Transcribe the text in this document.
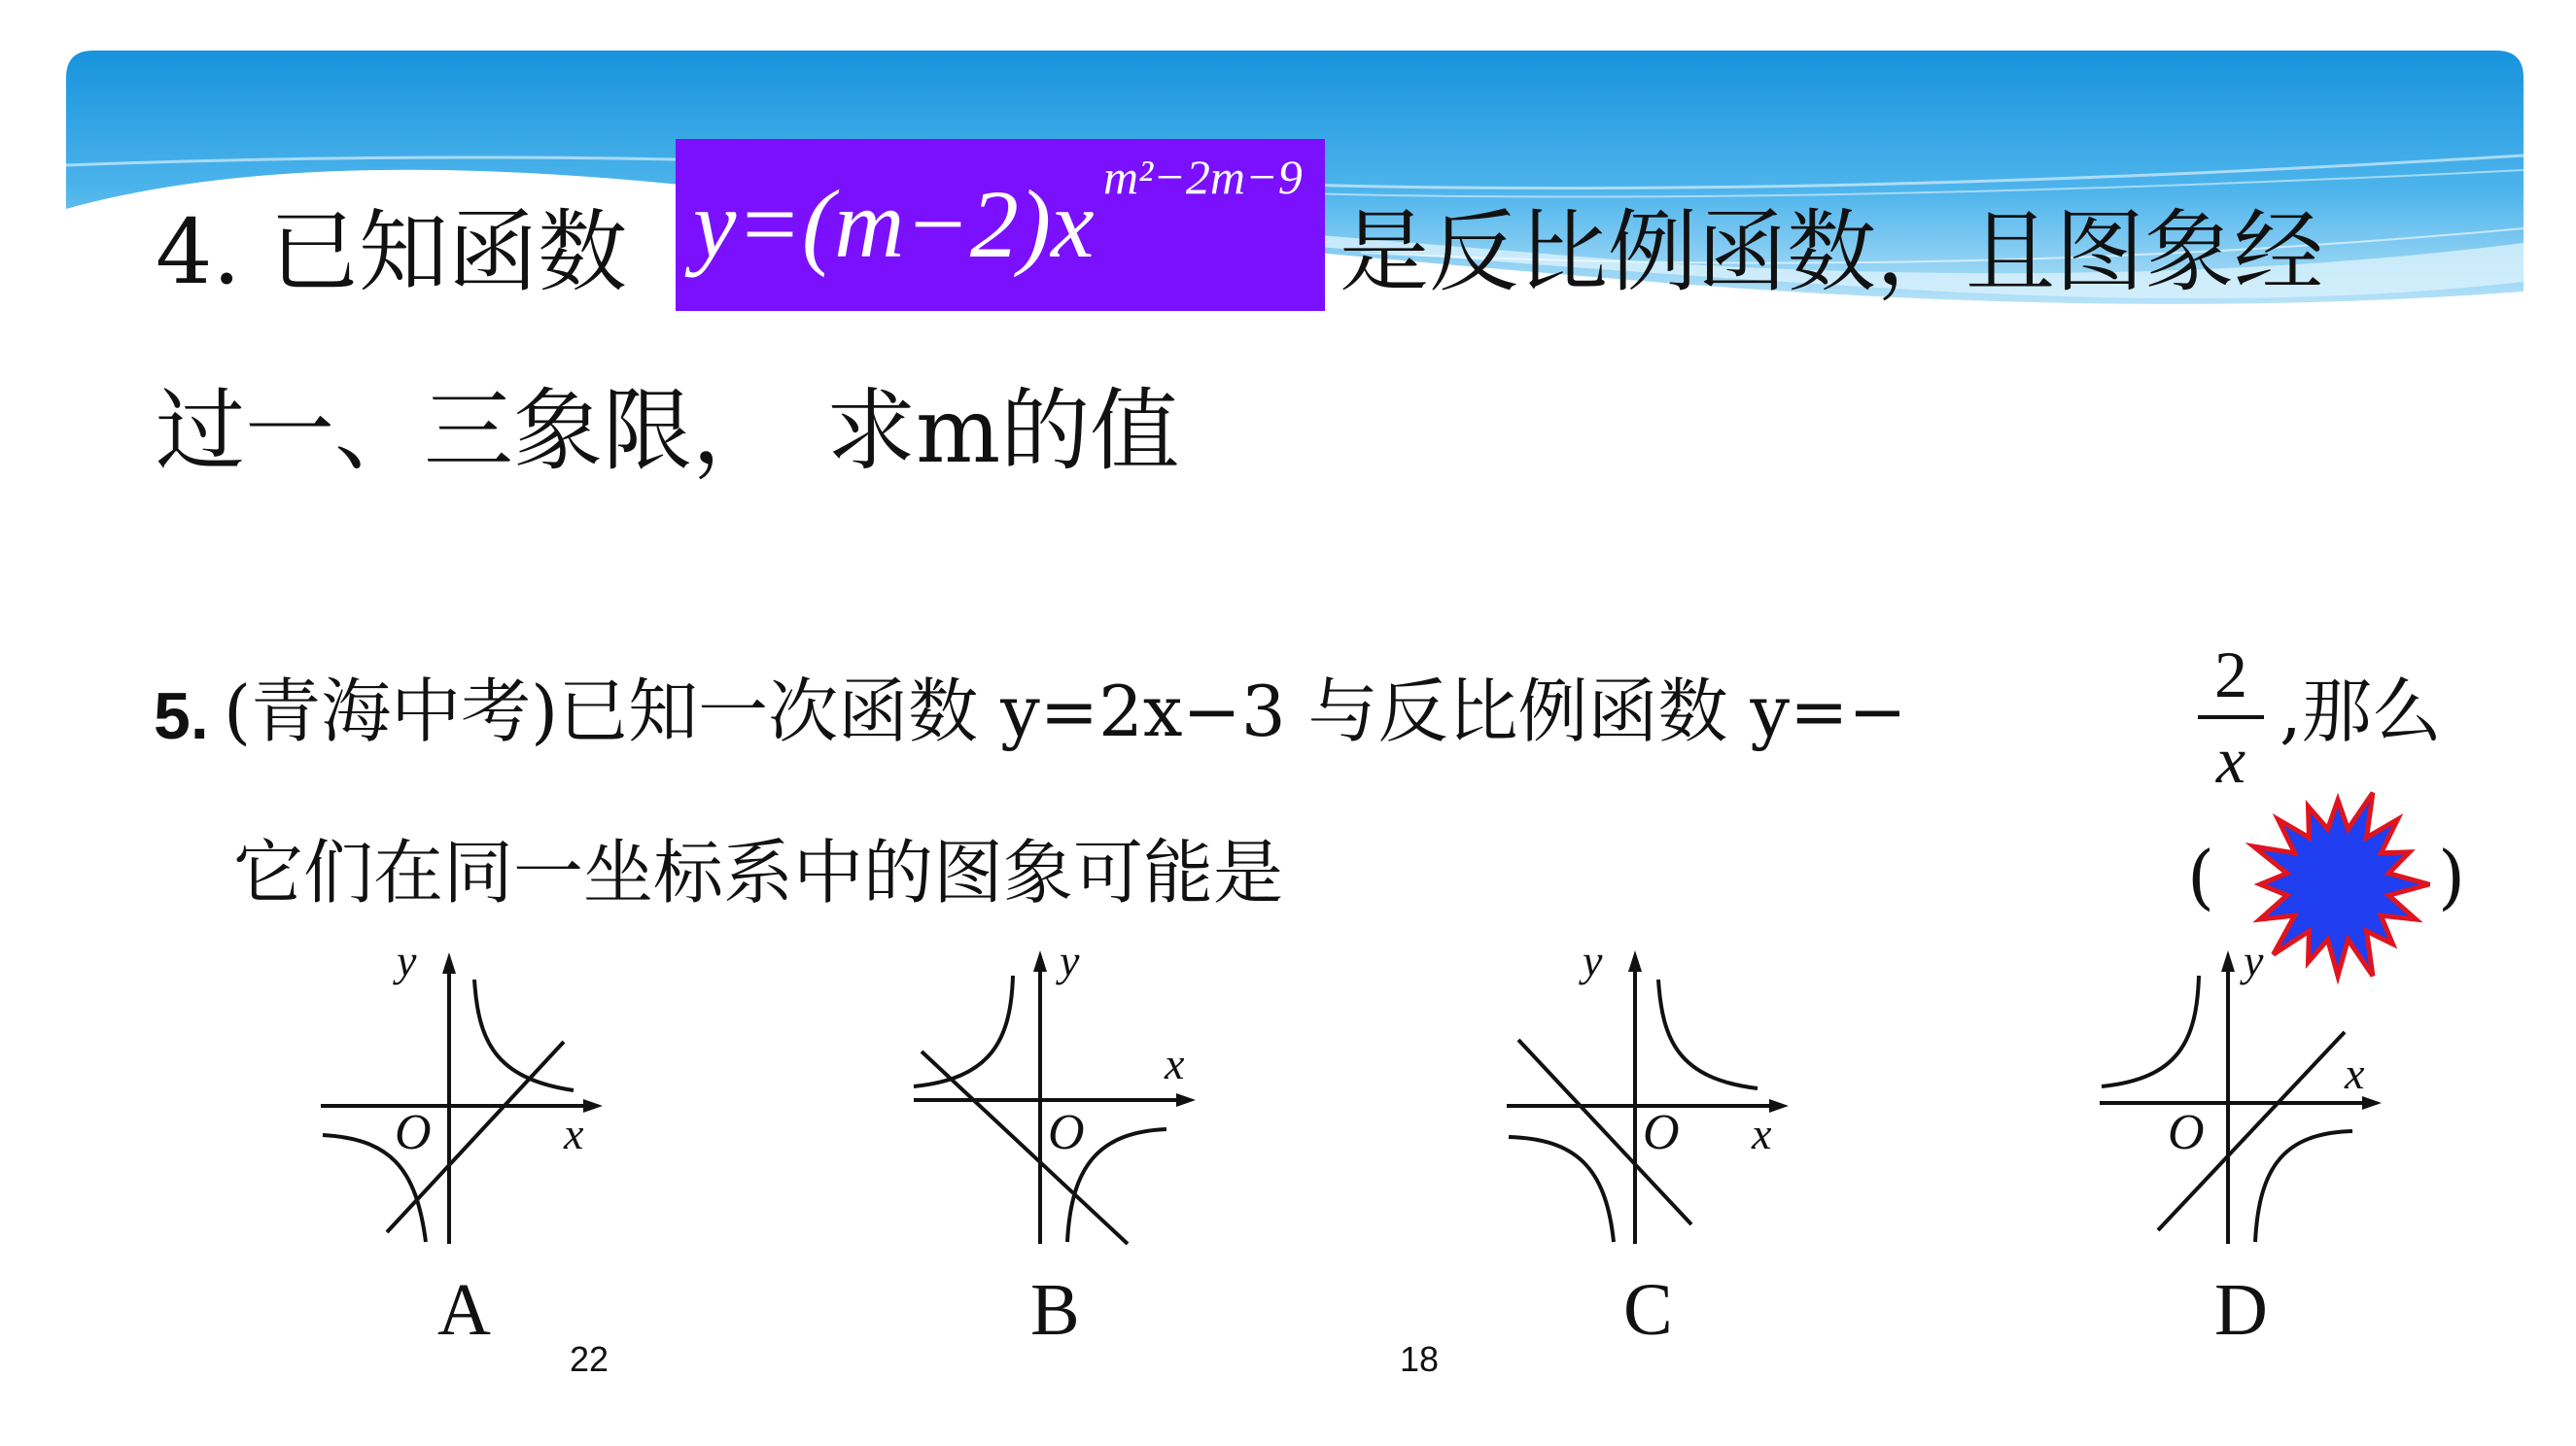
4. 已知函数 y=(m−2)x m²−2m−9
是反比例函数，且图象经
过一、三象限，　求m的值
5. (青海中考)已知一次函数 y=2x−3 与反比例函数 y=−	2
x
,那么
它们在同一坐标系中的图象可能是	(	)
y
x
O
y
x
O
y
x
O
y
x
O
A	B	C	D
22	18
